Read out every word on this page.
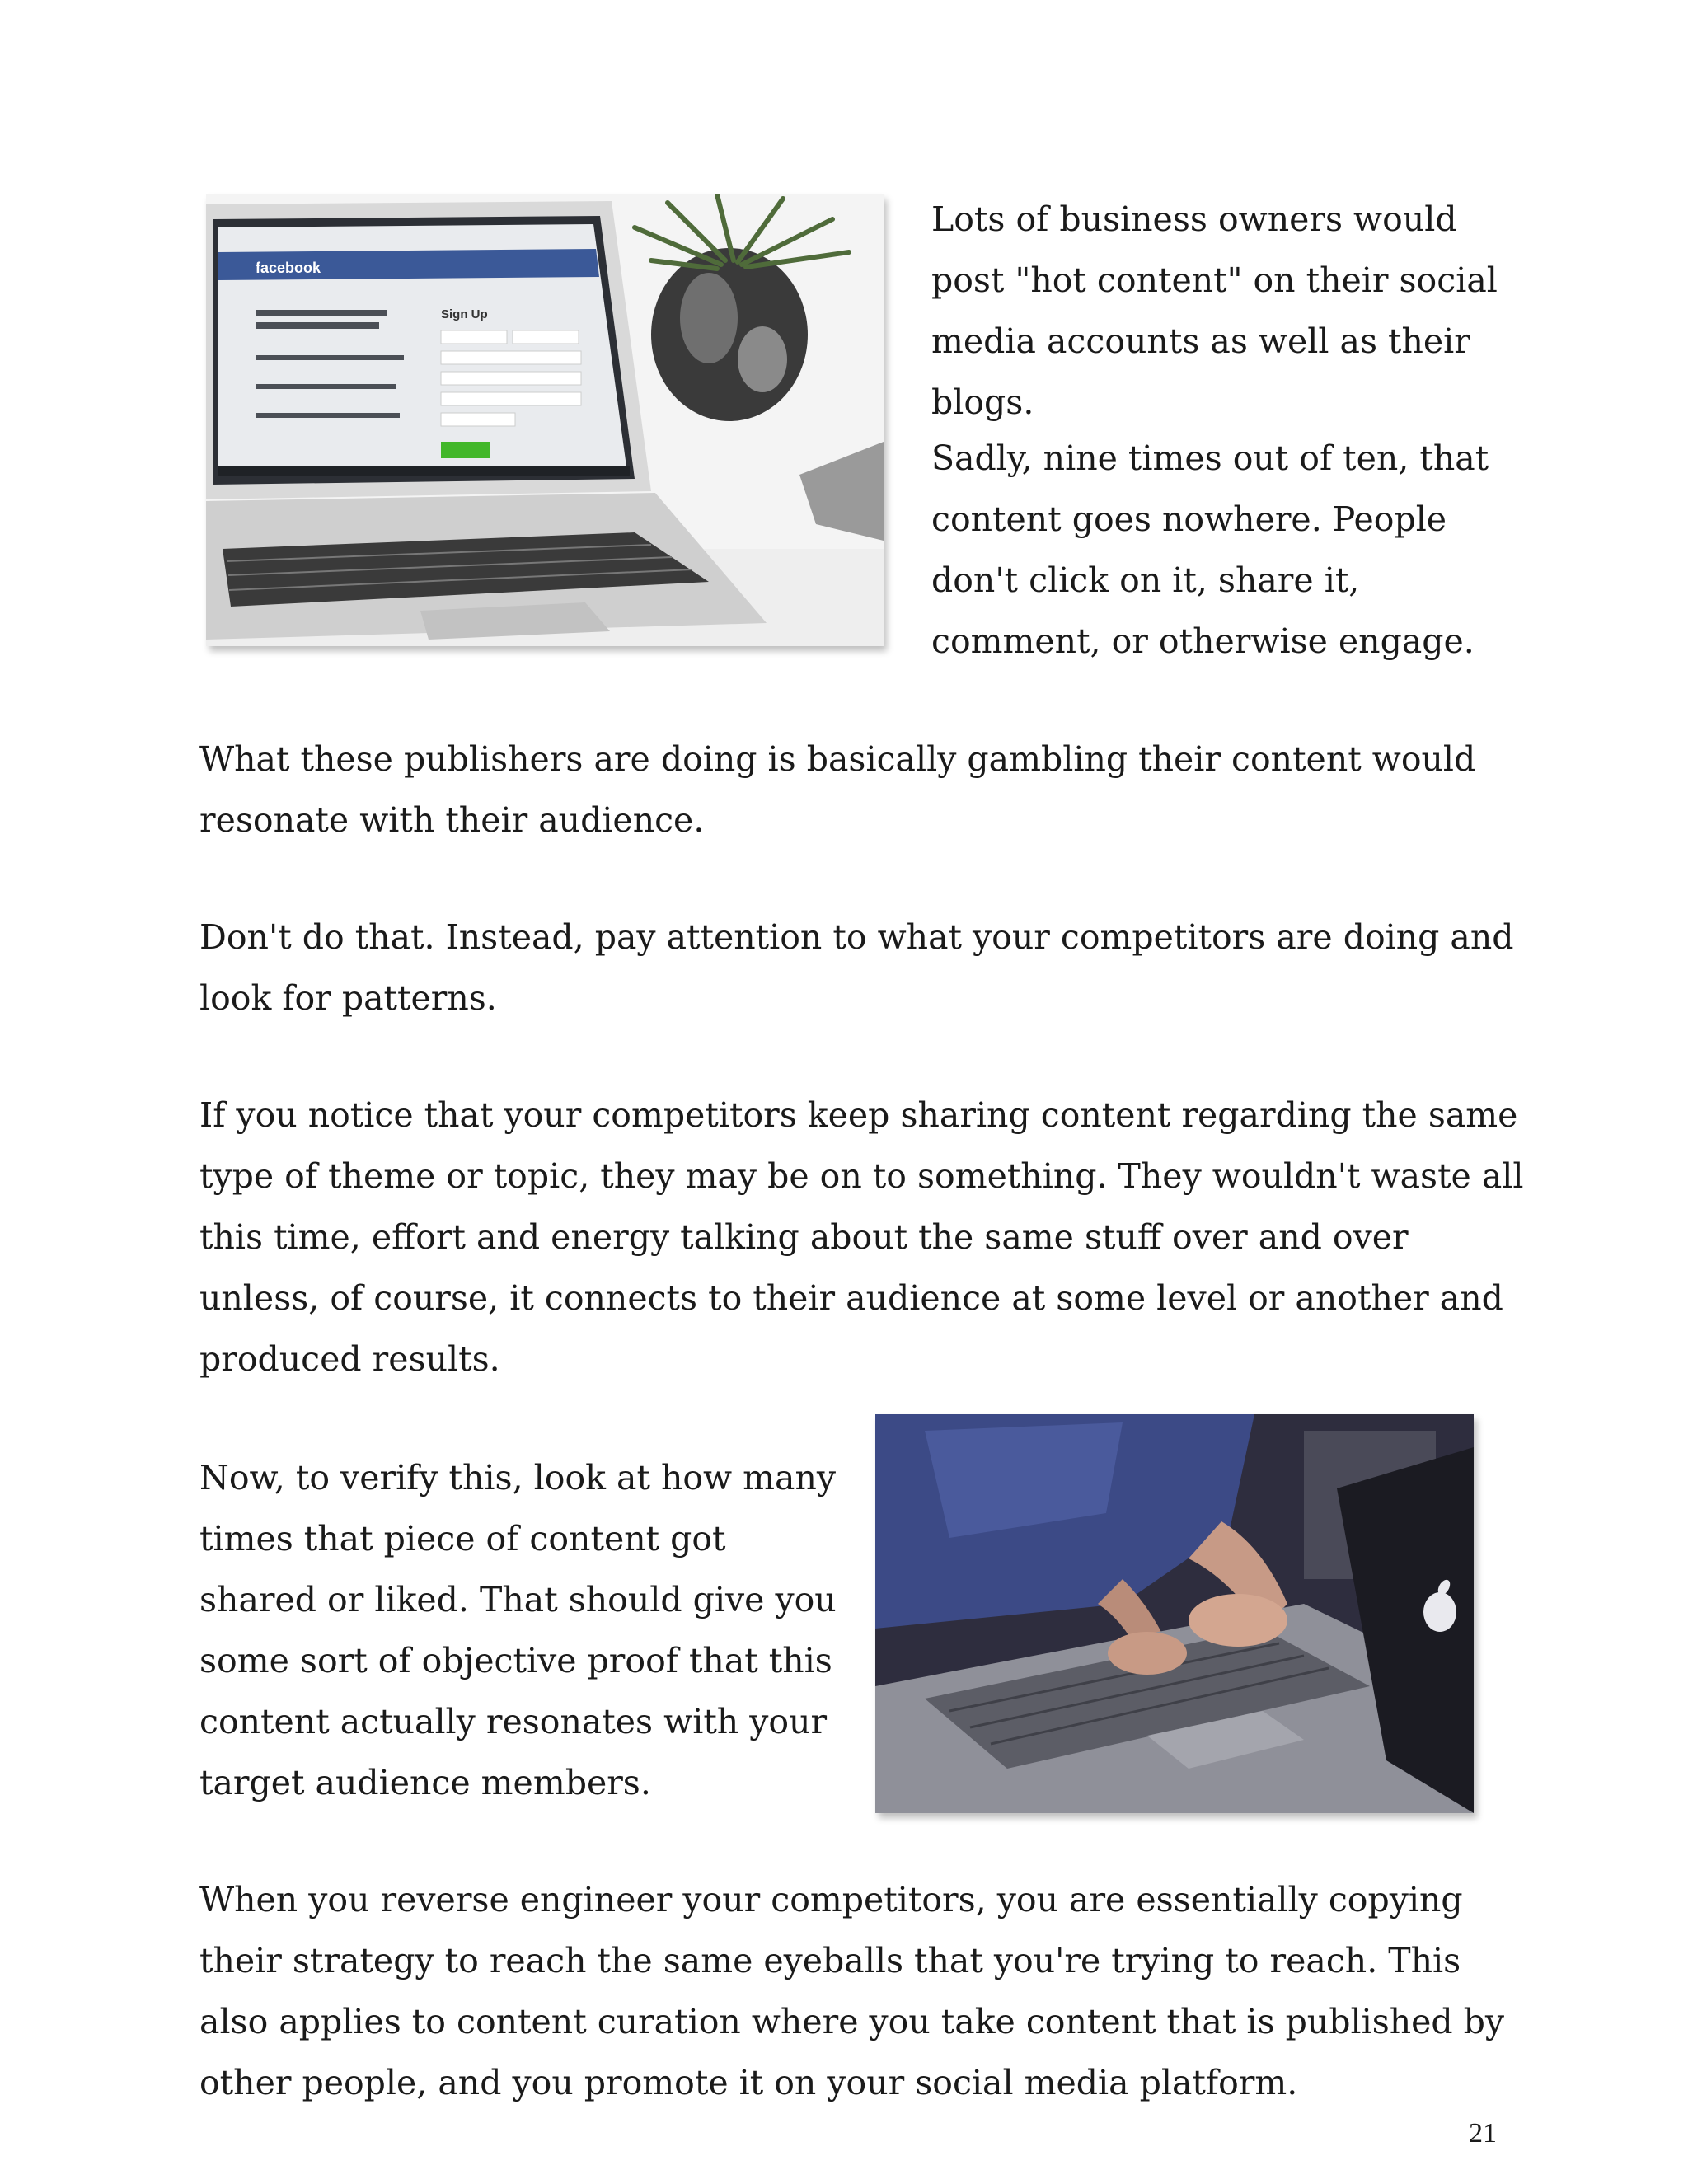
facebook
Sign Up

Lots of business owners would post "hot content" on their social media accounts as well as their blogs.

Sadly, nine times out of ten, that content goes nowhere. People don't click on it, share it, comment, or otherwise engage.

What these publishers are doing is basically gambling their content would resonate with their audience.

Don't do that. Instead, pay attention to what your competitors are doing and look for patterns.

If you notice that your competitors keep sharing content regarding the same type of theme or topic, they may be on to something. They wouldn't waste all this time, effort and energy talking about the same stuff over and over unless, of course, it connects to their audience at some level or another and produced results.

Now, to verify this, look at how many times that piece of content got shared or liked. That should give you some sort of objective proof that this content actually resonates with your target audience members.

When you reverse engineer your competitors, you are essentially copying their strategy to reach the same eyeballs that you're trying to reach. This also applies to content curation where you take content that is published by other people, and you promote it on your social media platform.

21
